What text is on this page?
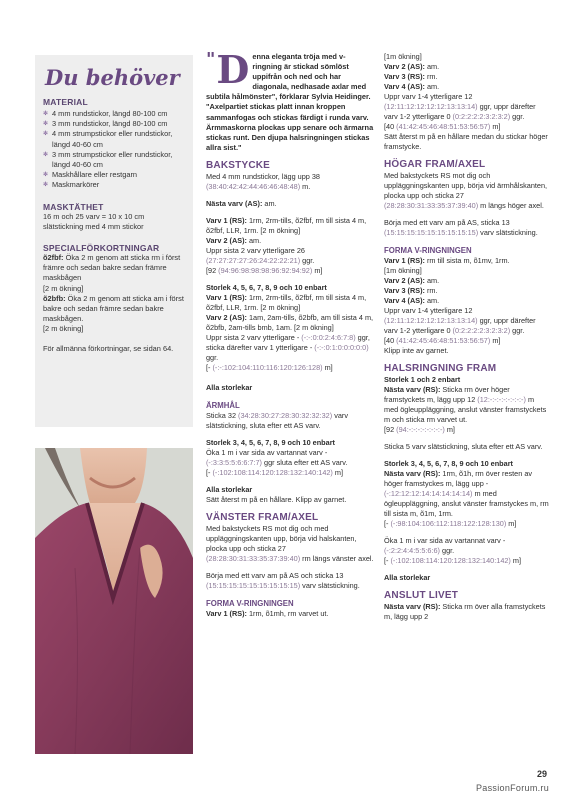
Du behöver
MATERIAL
✻ 4 mm rundstickor, längd 80-100 cm
✻ 3 mm rundstickor, längd 80-100 cm
✻ 4 mm strumpstickor eller rundstickor, längd 40-60 cm
✻ 3 mm strumpstickor eller rundstickor, längd 40-60 cm
✻ Maskhållare eller restgarn
✻ Maskmarkörer
MASKTÄTHET
16 m och 25 varv = 10 x 10 cm slätstickning med 4 mm stickor
SPECIALFÖRKORTNINGAR
õ2fbf: Öka 2 m genom att sticka rm i först främre och sedan bakre sedan främre maskbågen
[2 m ökning]
õ2bfb: Öka 2 m genom att sticka am i först bakre och sedan främre sedan bakre maskbågen.
[2 m ökning]
För allmänna förkortningar, se sidan 64.
" D enna eleganta tröja med v-ringning är stickad sömlöst uppifrån och ned och har diagonala, nedhasade axlar med subtila hålmönster", förklarar Sylvia Heidinger. "Axelpartiet stickas platt innan kroppen sammanfogas och stickas färdigt i runda varv. Ärmmaskorna plockas upp senare och ärmarna stickas runt. Den djupa halsringningen stickas allra sist."
BAKSTYCKE
Med 4 mm rundstickor, lägg upp 38 (38:40:42:42:44:46:46:48:48) m.
Nästa varv (AS): am.
Varv 1 (RS): 1rm, 2rm-tills, õ2fbf, rm till sista 4 m, õ2fbf, LLR, 1rm. [2 m ökning]
Varv 2 (AS): am.
Uppr sista 2 varv ytterligare 26 (27:27:27:27:26:24:22:22:21) ggr.
[92 (94:96:98:98:98:96:92:94:92) m]
Storlek 4, 5, 6, 7, 8, 9 och 10 enbart
Varv 1 (RS): 1rm, 2rm-tills, õ2fbf, rm till sista 4 m, õ2fbf, LLR, 1rm. [2 m ökning]
Varv 2 (AS): 1am, 2am-tills, õ2bfb, am till sista 4 m, õ2bfb, 2am-tills bmb, 1am. [2 m ökning]
Uppr sista 2 varv ytterligare - (-:-:0:0:2:4:6:7:8) ggr, sticka därefter varv 1 ytterligare - (-:-:0:1:0:0:0:0:0) ggr.
[- (-:-:102:104:110:116:120:126:128) m]
Alla storlekar
ÄRMHÅL
Sticka 32 (34:28:30:27:28:30:32:32:32) varv slätstickning, sluta efter ett AS varv.
Storlek 3, 4, 5, 6, 7, 8, 9 och 10 enbart
Öka 1 m i var sida av vartannat varv - (-:3:3:5:5:6:6:7:7) ggr sluta efter ett AS varv.
[- (-:102:108:114:120:128:132:140:142) m]
Alla storlekar
Sätt återst m på en hållare. Klipp av garnet.
VÄNSTER FRAM/AXEL
Med bakstyckets RS mot dig och med uppläggningskanten upp, börja vid halskanten, plocka upp och sticka 27 (28:28:30:31:33:35:37:39:40) rm längs vänster axel.
Börja med ett varv am på AS och sticka 13 (15:15:15:15:15:15:15:15:15) varv slätstickning.
FORMA V-RINGNINGEN
Varv 1 (RS): 1rm, õ1mh, rm varvet ut.
[1m ökning]
Varv 2 (AS): am.
Varv 3 (RS): rm.
Varv 4 (AS): am.
Uppr varv 1-4 ytterligare 12 (12:11:12:12:12:12:13:13:14) ggr, uppr därefter varv 1-2 ytterligare 0 (0:2:2:2:2:3:2:3:2) ggr.
[40 (41:42:45:46:48:51:53:56:57) m]
Sätt återst m på en hållare medan du stickar höger framstycke.
HÖGAR FRAM/AXEL
Med bakstyckets RS mot dig och uppläggningskanten upp, börja vid ärmhålskanten, plocka upp och sticka 27 (28:28:30:31:33:35:37:39:40) m längs höger axel.
Börja med ett varv am på AS, sticka 13 (15:15:15:15:15:15:15:15:15) varv slätstickning.
FORMA V-RINGNINGEN
Varv 1 (RS): rm till sista m, õ1mv, 1rm.
[1m ökning]
Varv 2 (AS): am.
Varv 3 (RS): rm.
Varv 4 (AS): am.
Uppr varv 1-4 ytterligare 12 (12:11:12:12:12:12:13:13:14) ggr, uppr därefter varv 1-2 ytterligare 0 (0:2:2:2:2:3:2:3:2) ggr.
[40 (41:42:45:46:48:51:53:56:57) m]
Klipp inte av garnet.
HALSRINGNING FRAM
Storlek 1 och 2 enbart
Nästa varv (RS): Sticka rm över höger framstyckets m, lägg upp 12 (12:-:-:-:-:-:-:-:-) m med ögleuppläggning, anslut vänster framstyckets m och sticka rm varvet ut.
[92 (94:-:-:-:-:-:-:-:-) m]
Sticka 5 varv slätstickning, sluta efter ett AS varv.
Storlek 3, 4, 5, 6, 7, 8, 9 och 10 enbart
Nästa varv (RS): 1rm, õ1h, rm över resten av höger framstyckes m, lägg upp - (-:12:12:12:14:14:14:14:14) m med ögleuppläggning, anslut vänster framstyckes m, rm till sista m, õ1m, 1rm.
[- (-:98:104:106:112:118:122:128:130) m]
Öka 1 m i var sida av vartannat varv - (-:2:2:4:4:5:5:6:6) ggr.
[- (-:102:108:114:120:128:132:140:142) m]
Alla storlekar
ANSLUT LIVET
Nästa varv (RS): Sticka rm över alla framstyckets m, lägg upp 2
29
PassionForum.ru
